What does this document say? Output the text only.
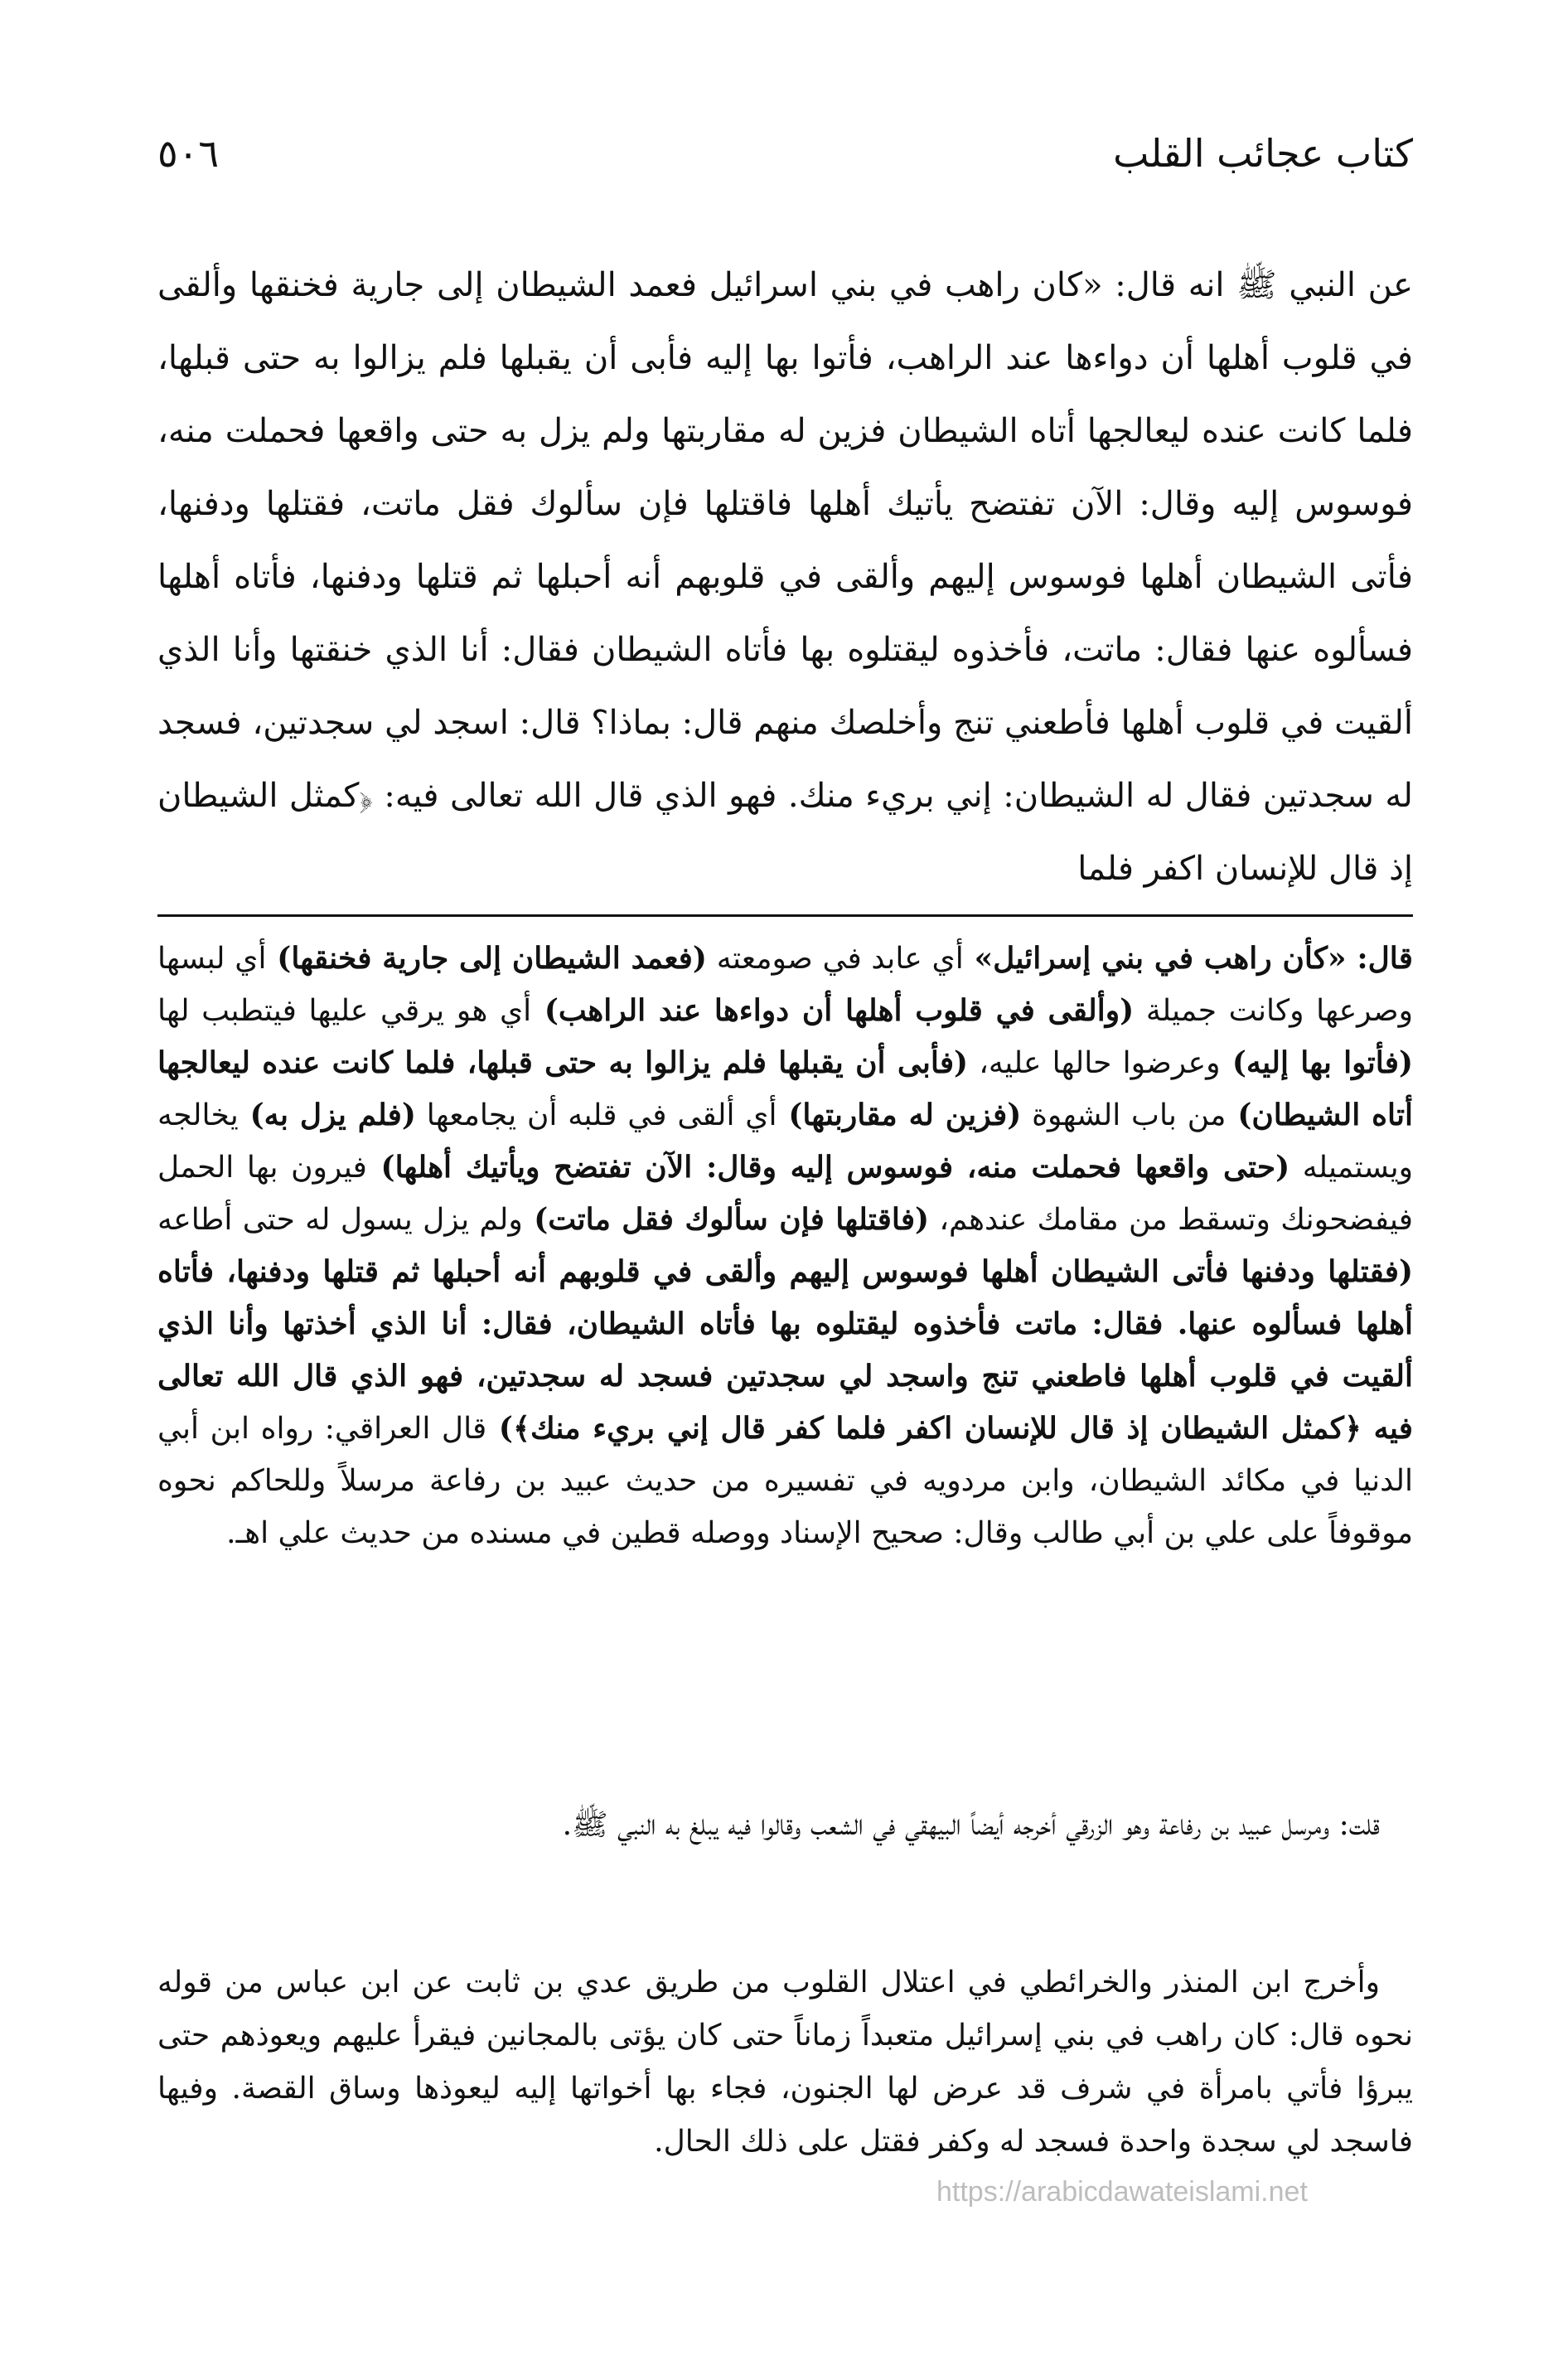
كتاب عجائب القلب
٥٠٦

عن النبي ﷺ انه قال: «كان راهب في بني اسرائيل فعمد الشيطان إلى جارية فخنقها وألقى في قلوب أهلها أن دواءها عند الراهب، فأتوا بها إليه فأبى أن يقبلها فلم يزالوا به حتى قبلها، فلما كانت عنده ليعالجها أتاه الشيطان فزين له مقاربتها ولم يزل به حتى واقعها فحملت منه، فوسوس إليه وقال: الآن تفتضح يأتيك أهلها فاقتلها فإن سألوك فقل ماتت، فقتلها ودفنها، فأتى الشيطان أهلها فوسوس إليهم وألقى في قلوبهم أنه أحبلها ثم قتلها ودفنها، فأتاه أهلها فسألوه عنها فقال: ماتت، فأخذوه ليقتلوه بها فأتاه الشيطان فقال: أنا الذي خنقتها وأنا الذي ألقيت في قلوب أهلها فأطعني تنج وأخلصك منهم قال: بماذا؟ قال: اسجد لي سجدتين، فسجد له سجدتين فقال له الشيطان: إني بريء منك. فهو الذي قال الله تعالى فيه: ﴿كمثل الشيطان إذ قال للإنسان اكفر فلما

قال: «كأن راهب في بني إسرائيل» أي عابد في صومعته (فعمد الشيطان إلى جارية فخنقها) أي لبسها وصرعها وكانت جميلة (وألقى في قلوب أهلها أن دواءها عند الراهب) أي هو يرقي عليها فيتطبب لها (فأتوا بها إليه) وعرضوا حالها عليه، (فأبى أن يقبلها فلم يزالوا به حتى قبلها، فلما كانت عنده ليعالجها أتاه الشيطان) من باب الشهوة (فزين له مقاربتها) أي ألقى في قلبه أن يجامعها (فلم يزل به) يخالجه ويستميله (حتى واقعها فحملت منه، فوسوس إليه وقال: الآن تفتضح ويأتيك أهلها) فيرون بها الحمل فيفضحونك وتسقط من مقامك عندهم، (فاقتلها فإن سألوك فقل ماتت) ولم يزل يسول له حتى أطاعه (فقتلها ودفنها فأتى الشيطان أهلها فوسوس إليهم وألقى في قلوبهم أنه أحبلها ثم قتلها ودفنها، فأتاه أهلها فسألوه عنها. فقال: ماتت فأخذوه ليقتلوه بها فأتاه الشيطان، فقال: أنا الذي أخذتها وأنا الذي ألقيت في قلوب أهلها فاطعني تنج واسجد لي سجدتين فسجد له سجدتين، فهو الذي قال الله تعالى فيه ﴿كمثل الشيطان إذ قال للإنسان اكفر فلما كفر قال إني بريء منك﴾) قال العراقي: رواه ابن أبي الدنيا في مكائد الشيطان، وابن مردويه في تفسيره من حديث عبيد بن رفاعة مرسلاً وللحاكم نحوه موقوفاً على علي بن أبي طالب وقال: صحيح الإسناد ووصله قطين في مسنده من حديث علي اهـ.

قلت: ومرسل عبيد بن رفاعة وهو الزرقي أخرجه أيضاً البيهقي في الشعب وقالوا فيه يبلغ به النبي ﷺ.

وأخرج ابن المنذر والخرائطي في اعتلال القلوب من طريق عدي بن ثابت عن ابن عباس من قوله نحوه قال: كان راهب في بني إسرائيل متعبداً زماناً حتى كان يؤتى بالمجانين فيقرأ عليهم ويعوذهم حتى يبرؤا فأتي بامرأة في شرف قد عرض لها الجنون، فجاء بها أخواتها إليه ليعوذها وساق القصة. وفيها فاسجد لي سجدة واحدة فسجد له وكفر فقتل على ذلك الحال.

https://arabicdawateislami.net
